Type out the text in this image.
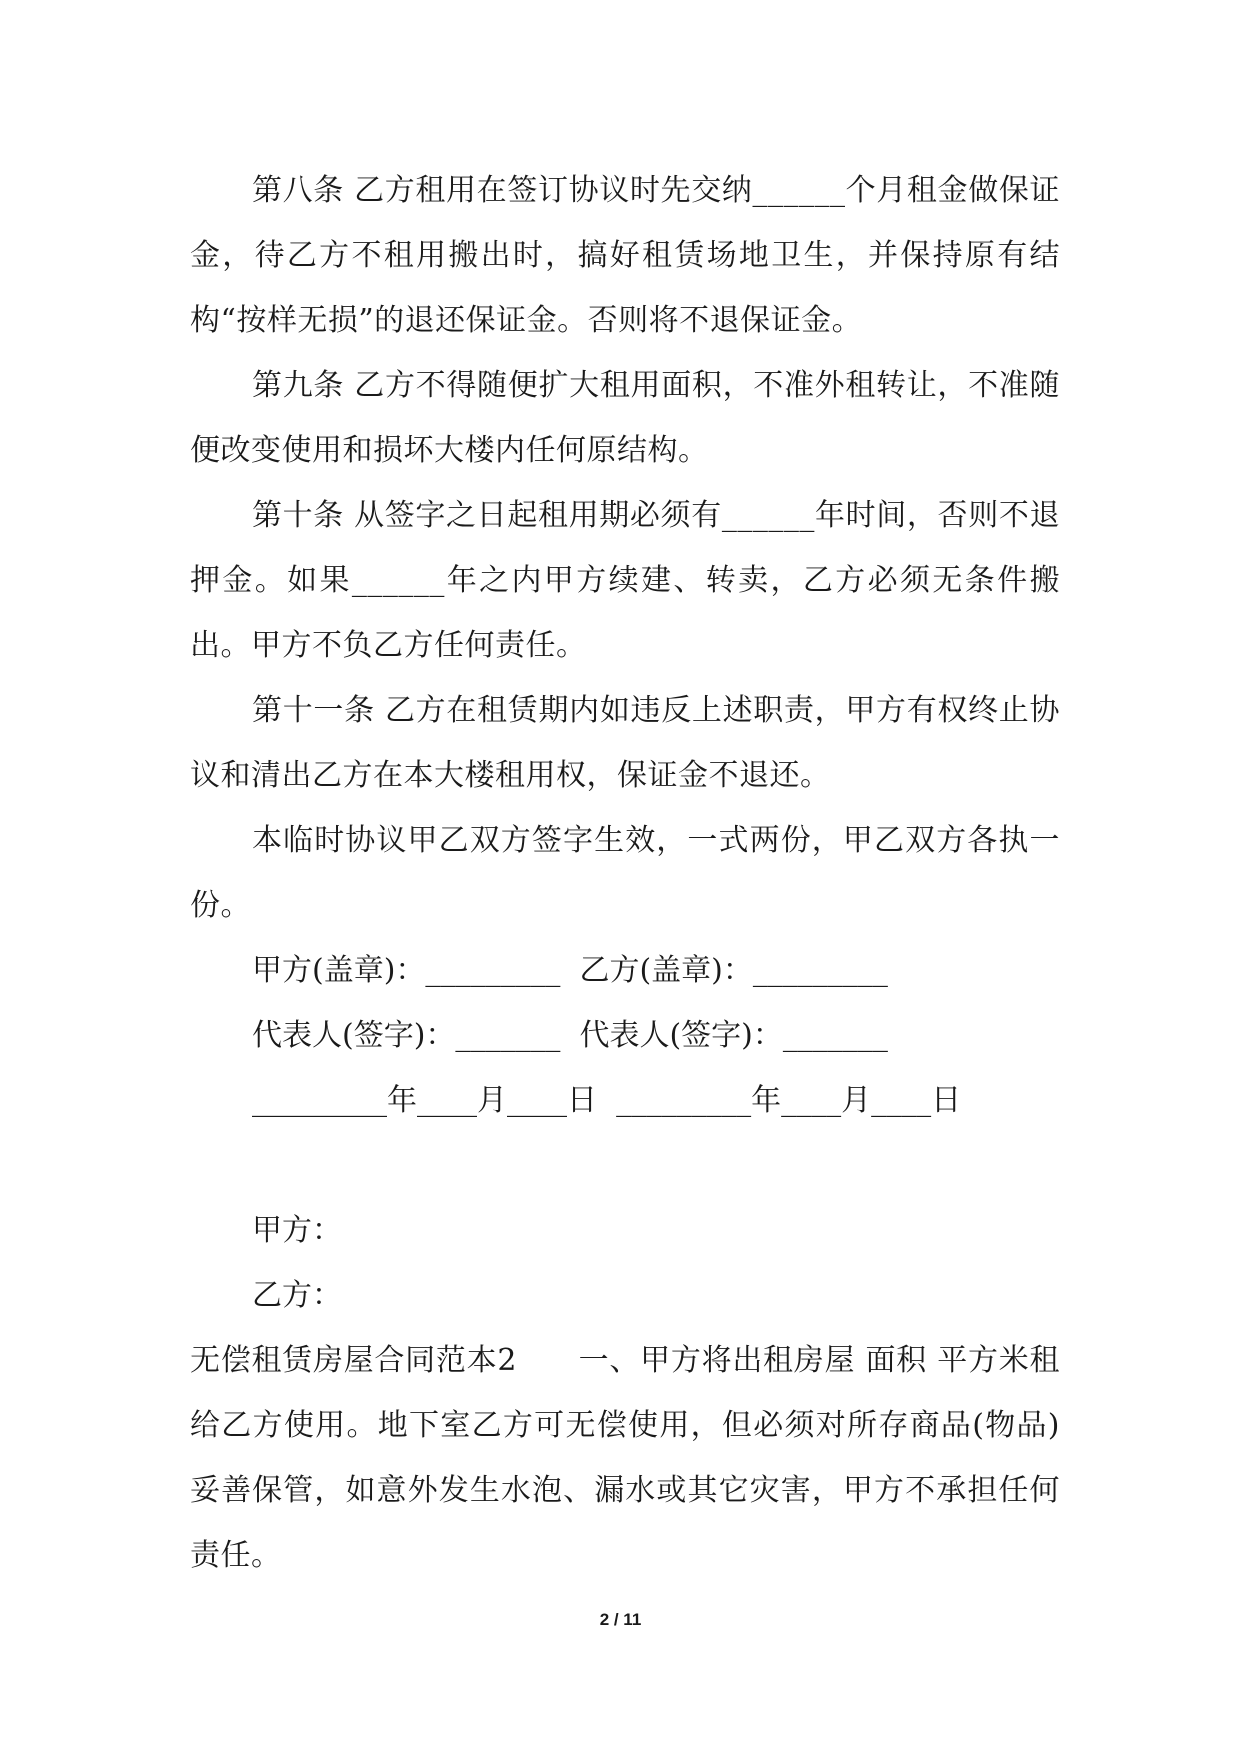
第八条 乙方租用在签订协议时先交纳______个月租金做保证金，待乙方不租用搬出时，搞好租赁场地卫生，并保持原有结构“按样无损”的退还保证金。否则将不退保证金。

第九条 乙方不得随便扩大租用面积，不准外租转让，不准随便改变使用和损坏大楼内任何原结构。

第十条 从签字之日起租用期必须有______年时间，否则不退押金。如果______年之内甲方续建、转卖，乙方必须无条件搬出。甲方不负乙方任何责任。

第十一条 乙方在租赁期内如违反上述职责，甲方有权终止协议和清出乙方在本大楼租用权，保证金不退还。

本临时协议甲乙双方签字生效，一式两份，甲乙双方各执一份。

甲方(盖章)：_________  乙方(盖章)：_________

代表人(签字)：_______  代表人(签字)：_______

_________年____月____日  _________年____月____日

甲方：

乙方：

无偿租赁房屋合同范本2　　一、甲方将出租房屋 面积 平方米租给乙方使用。地下室乙方可无偿使用，但必须对所存商品(物品)妥善保管，如意外发生水泡、漏水或其它灾害，甲方不承担任何责任。

2 / 11
